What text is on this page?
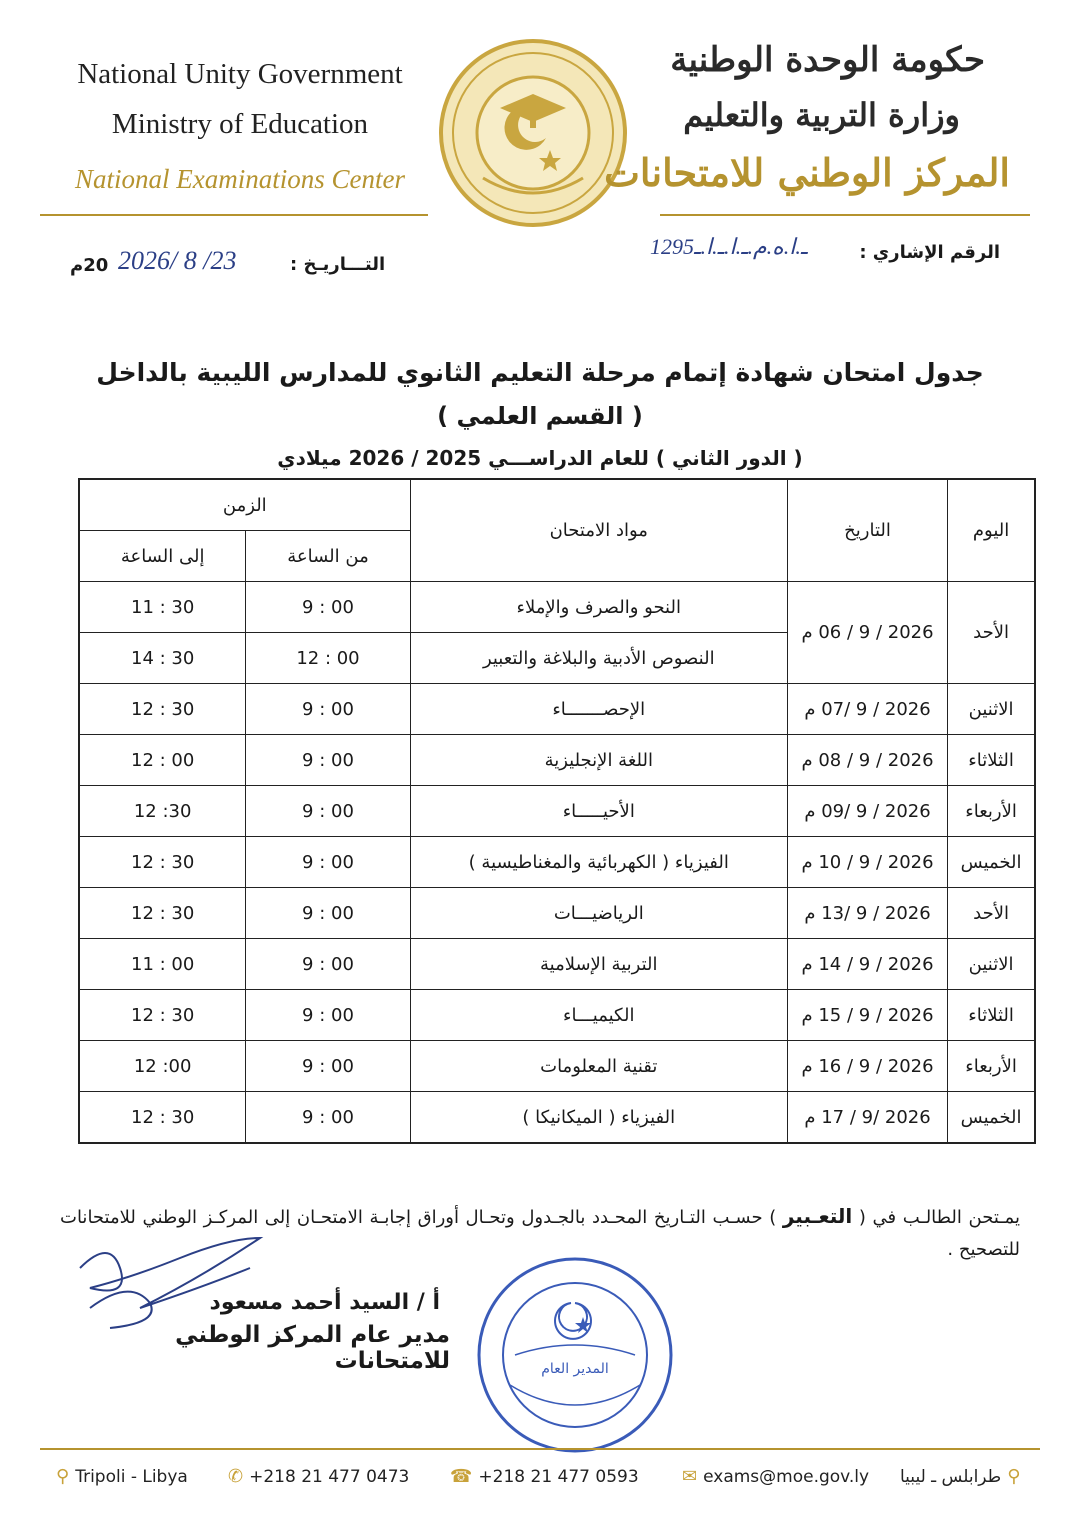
National Unity Government
Ministry of Education
National Examinations Center
حكومة الوحدة الوطنية
وزارة التربية والتعليم
المركز الوطني للامتحانات
الرقم الإشاري :
1295ـ.ا.ه.م.ـ.ا.ـ.ا.ـ
التـــاريـخ :
2026/ 8 /23
20م
جدول امتحان شهادة إتمام مرحلة التعليم الثانوي للمدارس الليبية بالداخل
( القسم العلمي )
( الدور الثاني ) للعام الدراســـي 2025 / 2026 ميلادي
اليوم	التاريخ	مواد الامتحان	الزمن	
			من الساعة	إلى الساعة
الأحد	2026 / 9 / 06 م	النحو والصرف والإملاء	9 : 00	11 : 30
		النصوص الأدبية والبلاغة والتعبير	12 : 00	14 : 30
الاثنين	2026 / 9 /07 م	الإحصـــــــاء	9 : 00	12 : 30
الثلاثاء	2026 / 9 / 08 م	اللغة الإنجليزية	9 : 00	12 : 00
الأربعاء	2026 / 9 /09 م	الأحيـــــاء	9 : 00	12 :30
الخميس	2026 / 9 / 10 م	الفيزياء ( الكهربائية والمغناطيسية )	9 : 00	12 : 30
الأحد	2026 / 9 /13 م	الرياضيـــات	9 : 00	12 : 30
الاثنين	2026 / 9 / 14 م	التربية الإسلامية	9 : 00	11 : 00
الثلاثاء	2026 / 9 / 15 م	الكيميـــاء	9 : 00	12 : 30
الأربعاء	2026 / 9 / 16 م	تقنية المعلومات	9 : 00	12 :00
الخميس	2026 /9 / 17 م	الفيزياء ( الميكانيكا )	9 : 00	12 : 30
يمـتحن الطالـب في ( التعـبير ) حسـب التـاريخ المحـدد بالجـدول وتحـال أوراق إجابـة الامتحـان إلى المركـز الوطني للامتحانات للتصحيح .
أ / السيد أحمد مسعود
مدير عام المركز الوطني للامتحانات	المدير العام
⚲ Tripoli - Libya	✆ +218 21 477 0473	☎ +218 21 477 0593	✉ exams@moe.gov.ly	⚲طرابلس ـ ليبيا
